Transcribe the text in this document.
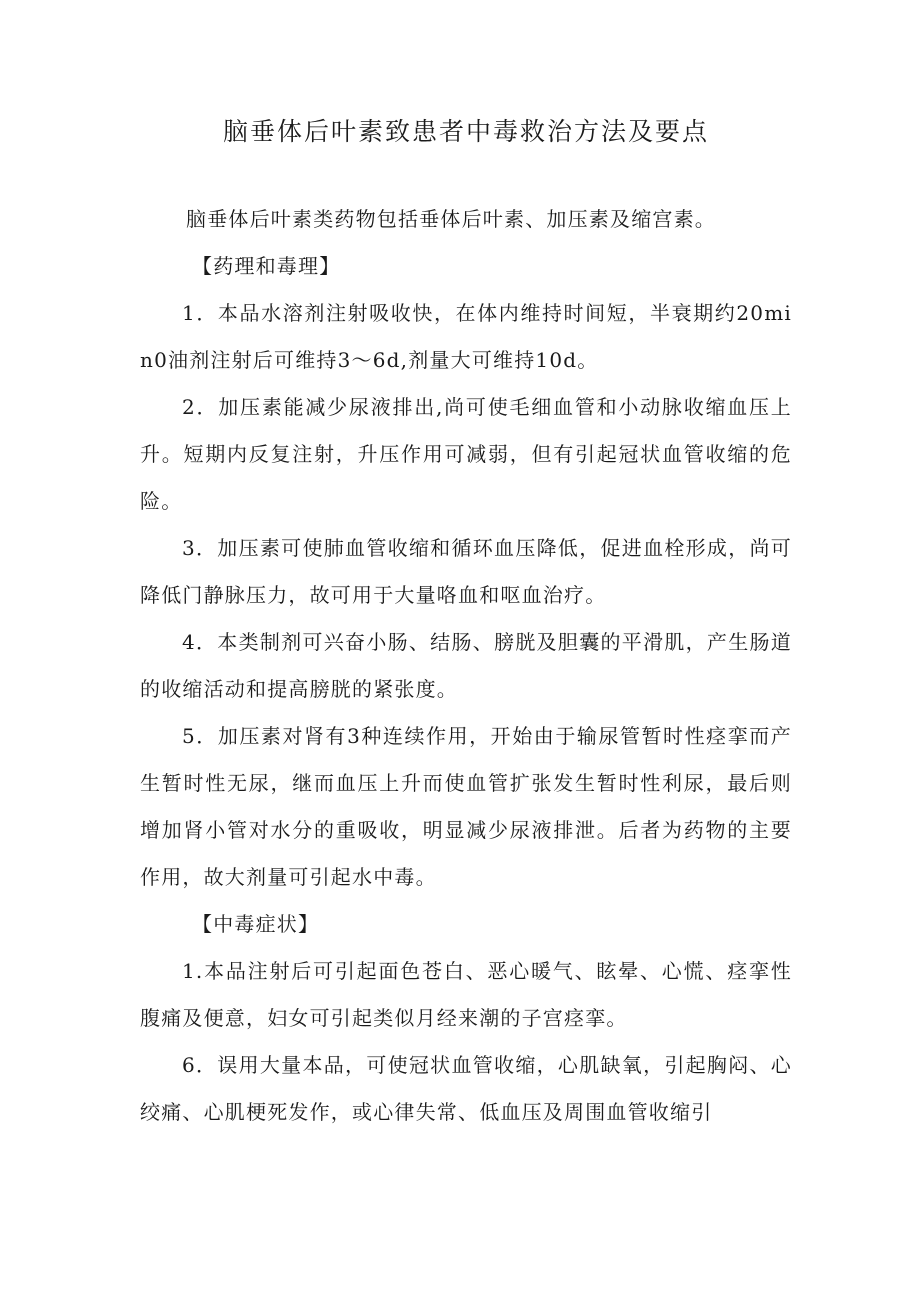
脑垂体后叶素致患者中毒救治方法及要点

脑垂体后叶素类药物包括垂体后叶素、加压素及缩宫素。

【药理和毒理】

1．本品水溶剂注射吸收快，在体内维持时间短，半衰期约20min0油剂注射后可维持3～6d,剂量大可维持10d。

2．加压素能减少尿液排出,尚可使毛细血管和小动脉收缩血压上升。短期内反复注射，升压作用可减弱，但有引起冠状血管收缩的危险。

3．加压素可使肺血管收缩和循环血压降低，促进血栓形成，尚可降低门静脉压力，故可用于大量咯血和呕血治疗。

4．本类制剂可兴奋小肠、结肠、膀胱及胆囊的平滑肌，产生肠道的收缩活动和提高膀胱的紧张度。

5．加压素对肾有3种连续作用，开始由于输尿管暂时性痉挛而产生暂时性无尿，继而血压上升而使血管扩张发生暂时性利尿，最后则增加肾小管对水分的重吸收，明显减少尿液排泄。后者为药物的主要作用，故大剂量可引起水中毒。

【中毒症状】

1.本品注射后可引起面色苍白、恶心暖气、眩晕、心慌、痉挛性腹痛及便意，妇女可引起类似月经来潮的子宫痉挛。

6．误用大量本品，可使冠状血管收缩，心肌缺氧，引起胸闷、心绞痛、心肌梗死发作，或心律失常、低血压及周围血管收缩引
